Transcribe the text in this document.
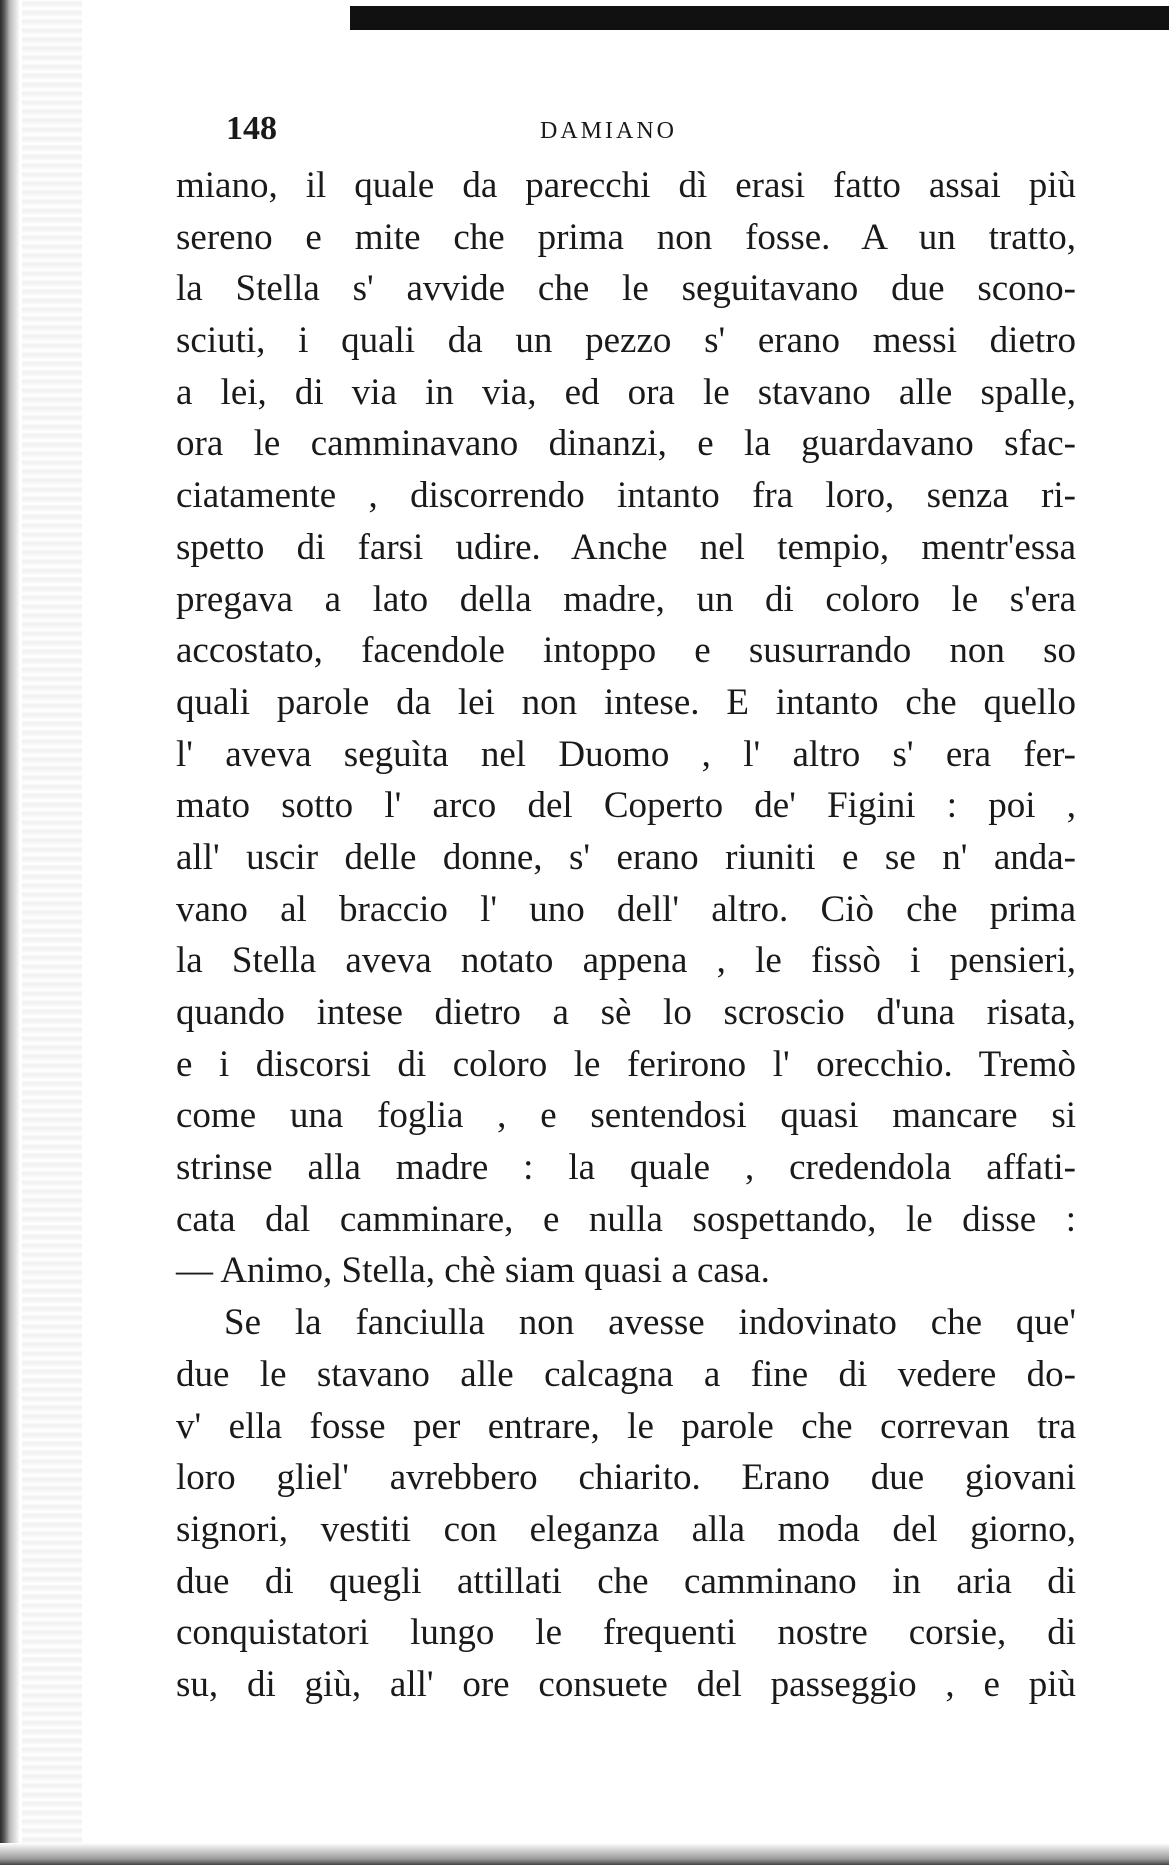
148	DAMIANO
miano, il quale da parecchi dì erasi fatto assai più
sereno e mite che prima non fosse. A un tratto,
la Stella s' avvide che le seguitavano due scono-
sciuti, i quali da un pezzo s' erano messi dietro
a lei, di via in via, ed ora le stavano alle spalle,
ora le camminavano dinanzi, e la guardavano sfac-
ciatamente , discorrendo intanto fra loro, senza ri-
spetto di farsi udire. Anche nel tempio, mentr'essa
pregava a lato della madre, un di coloro le s'era
accostato, facendole intoppo e susurrando non so
quali parole da lei non intese. E intanto che quello
l' aveva seguìta nel Duomo , l' altro s' era fer-
mato sotto l' arco del Coperto de' Figini : poi ,
all' uscir delle donne, s' erano riuniti e se n' anda-
vano al braccio l' uno dell' altro. Ciò che prima
la Stella aveva notato appena , le fissò i pensieri,
quando intese dietro a sè lo scroscio d'una risata,
e i discorsi di coloro le ferirono l' orecchio. Tremò
come una foglia , e sentendosi quasi mancare si
strinse alla madre : la quale , credendola affati-
cata dal camminare, e nulla sospettando, le disse :
— Animo, Stella, chè siam quasi a casa.
Se la fanciulla non avesse indovinato che que'
due le stavano alle calcagna a fine di vedere do-
v' ella fosse per entrare, le parole che correvan tra
loro gliel' avrebbero chiarito. Erano due giovani
signori, vestiti con eleganza alla moda del giorno,
due di quegli attillati che camminano in aria di
conquistatori lungo le frequenti nostre corsie, di
su, di giù, all' ore consuete del passeggio , e più
